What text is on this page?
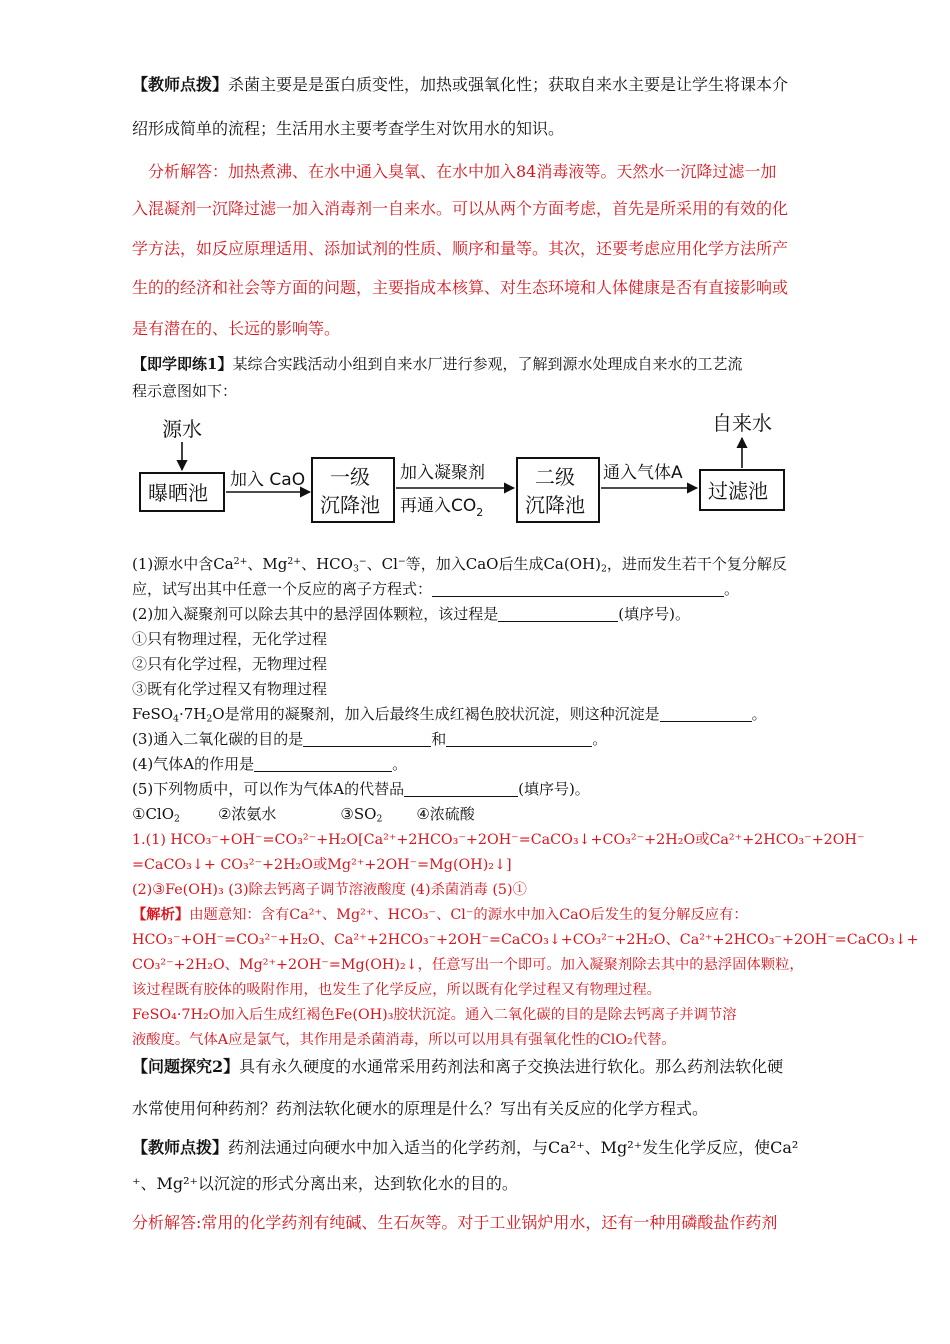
【教师点拨】杀菌主要是是蛋白质变性，加热或强氧化性；获取自来水主要是让学生将课本介
绍形成简单的流程；生活用水主要考查学生对饮用水的知识。
分析解答：加热煮沸、在水中通入臭氧、在水中加入84消毒液等。天然水一沉降过滤一加
入混凝剂一沉降过滤一加入消毒剂一自来水。可以从两个方面考虑，首先是所采用的有效的化
学方法，如反应原理适用、添加试剂的性质、顺序和量等。其次，还要考虑应用化学方法所产
生的的经济和社会等方面的问题，主要指成本核算、对生态环境和人体健康是否有直接影响或
是有潜在的、长远的影响等。
【即学即练1】某综合实践活动小组到自来水厂进行参观，了解到源水处理成自来水的工艺流
程示意图如下：
源水
曝晒池
加入 CaO 一级
沉降池
加入凝聚剂
再通入$CO_2$
二级
沉降池
通入气体A
过滤池
自来水
(1)源水中含$Ca^{2+}$、$Mg^{2+}$、$HCO_3^-$、Cl−等，加入CaO后生成$Ca(OH)_2$，进而发生若干个复分解反
应，试写出其中任意一个反应的离子方程式：	。
(2)加入凝聚剂可以除去其中的悬浮固体颗粒，该过程是	(填序号)。
①只有物理过程，无化学过程
②只有化学过程，无物理过程
③既有化学过程又有物理过程
$FeSO_4\cdot 7H_2O$是常用的凝聚剂，加入后最终生成红褐色胶状沉淀，则这种沉淀是	。
(3)通入二氧化碳的目的是	和	。
(4)气体A的作用是	。
(5)下列物质中，可以作为气体A的代替品	(填序号)。
①ClO$_2$	②浓氨水	$③SO_2$ ④浓硫酸
1.(1) HCO₃⁻+OH⁻=CO₃²⁻+H₂O[Ca²⁺+2HCO₃⁻+2OH⁻=CaCO₃↓+CO₃²⁻+2H₂O或Ca²⁺+2HCO₃⁻+2OH⁻
=CaCO₃↓+ CO₃²⁻+2H₂O或Mg²⁺+2OH⁻=Mg(OH)₂↓]
(2)③Fe(OH)₃ (3)除去钙离子调节溶液酸度 (4)杀菌消毒 (5)①
【解析】由题意知：含有Ca²⁺、Mg²⁺、HCO₃⁻、Cl⁻的源水中加入CaO后发生的复分解反应有：
HCO₃⁻+OH⁻=CO₃²⁻+H₂O、Ca²⁺+2HCO₃⁻+2OH⁻=CaCO₃↓+CO₃²⁻+2H₂O、Ca²⁺+2HCO₃⁻+2OH⁻=CaCO₃↓+
CO₃²⁻+2H₂O、Mg²⁺+2OH⁻=Mg(OH)₂↓，任意写出一个即可。加入凝聚剂除去其中的悬浮固体颗粒，
该过程既有胶体的吸附作用，也发生了化学反应，所以既有化学过程又有物理过程。
FeSO₄·7H₂O加入后生成红褐色Fe(OH)₃胶状沉淀。通入二氧化碳的目的是除去钙离子并调节溶
液酸度。气体A应是氯气，其作用是杀菌消毒，所以可以用具有强氧化性的ClO₂代替。
【问题探究2】具有永久硬度的水通常采用药剂法和离子交换法进行软化。那么药剂法软化硬
水常使用何种药剂？药剂法软化硬水的原理是什么？写出有关反应的化学方程式。
【教师点拨】药剂法通过向硬水中加入适当的化学药剂，与Ca²⁺、Mg²⁺发生化学反应，使Ca²
⁺、Mg²⁺以沉淀的形式分离出来，达到软化水的目的。
分析解答:常用的化学药剂有纯碱、生石灰等。对于工业锅炉用水，还有一种用磷酸盐作药剂
